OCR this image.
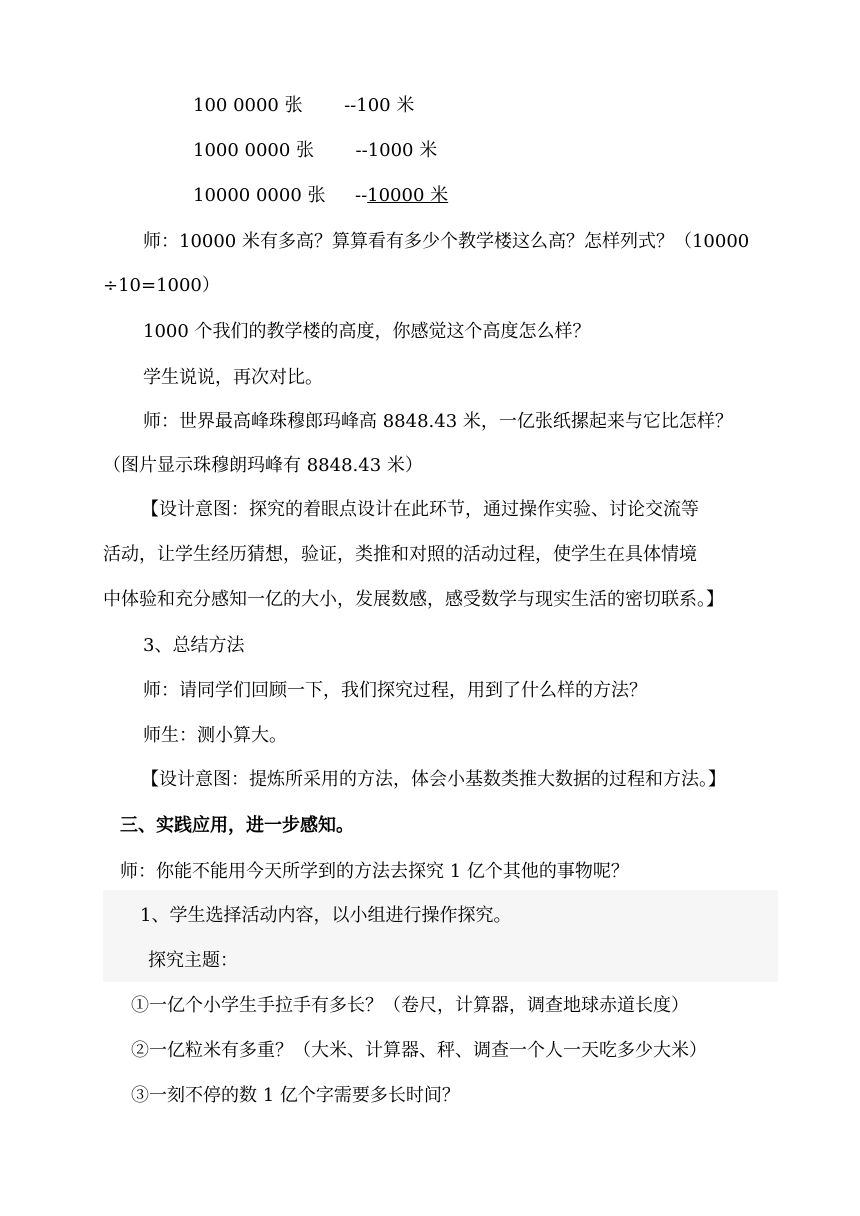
100 0000 张 --100 米
1000 0000 张 --1000 米
10000 0000 张 --10000 米
师：10000 米有多高？算算看有多少个教学楼这么高？怎样列式？（10000
÷10=1000）
1000 个我们的教学楼的高度，你感觉这个高度怎么样？
学生说说，再次对比。
师：世界最高峰珠穆郎玛峰高 8848.43 米，一亿张纸摞起来与它比怎样？
（图片显示珠穆朗玛峰有 8848.43 米）
【设计意图：探究的着眼点设计在此环节，通过操作实验、讨论交流等
活动，让学生经历猜想，验证，类推和对照的活动过程，使学生在具体情境
中体验和充分感知一亿的大小，发展数感，感受数学与现实生活的密切联系。】
3、总结方法
师：请同学们回顾一下，我们探究过程，用到了什么样的方法？
师生：测小算大。
【设计意图：提炼所采用的方法，体会小基数类推大数据的过程和方法。】
三、实践应用，进一步感知。
师：你能不能用今天所学到的方法去探究 1 亿个其他的事物呢？
1、学生选择活动内容，以小组进行操作探究。
探究主题：
①一亿个小学生手拉手有多长？（卷尺，计算器，调查地球赤道长度）
②一亿粒米有多重？（大米、计算器、秤、调查一个人一天吃多少大米）
③一刻不停的数 1 亿个字需要多长时间？
